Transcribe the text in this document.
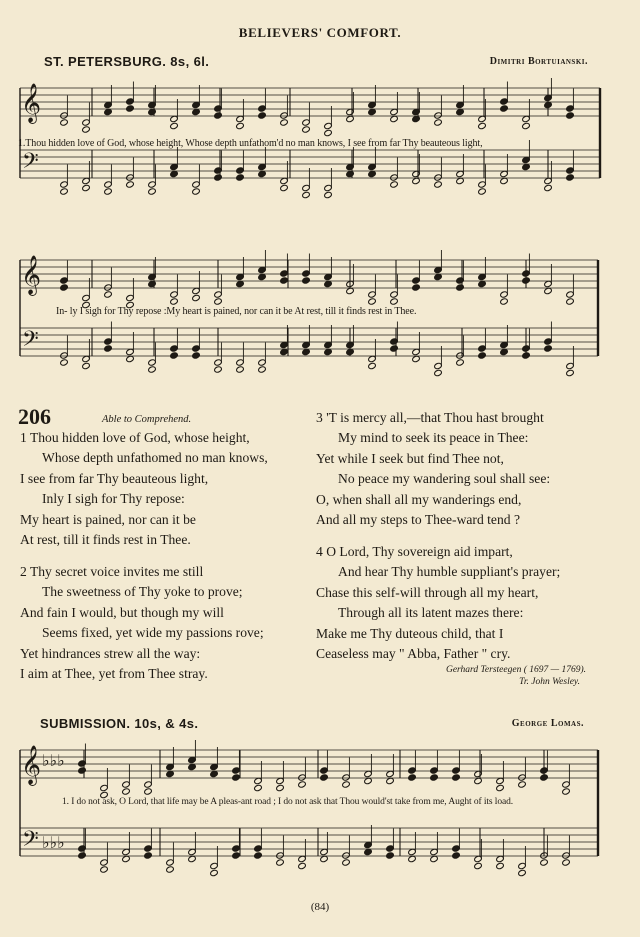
BELIEVERS' COMFORT.
ST. PETERSBURG. 8s, 6l.	Dimitri Bortuianski.
𝄞
𝄢
1.Thou hidden love of God, whose height, Whose depth unfathom'd no man knows, I see from far Thy beauteous light,
𝄞
𝄢
In- ly I sigh for Thy repose :My heart is pained, nor can it be At rest, till it finds rest in Thee.
206	Able to Comprehend.
1 Thou hidden love of God, whose height,
Whose depth unfathomed no man knows,
I see from far Thy beauteous light,
Inly I sigh for Thy repose:
My heart is pained, nor can it be
At rest, till it finds rest in Thee.
2 Thy secret voice invites me still
The sweetness of Thy yoke to prove;
And fain I would, but though my will
Seems fixed, yet wide my passions rove;
Yet hindrances strew all the way:
I aim at Thee, yet from Thee stray.
3 'T is mercy all,—that Thou hast brought
My mind to seek its peace in Thee:
Yet while I seek but find Thee not,
No peace my wandering soul shall see:
O, when shall all my wanderings end,
And all my steps to Thee-ward tend ?
4 O Lord, Thy sovereign aid impart,
And hear Thy humble suppliant's prayer;
Chase this self-will through all my heart,
Through all its latent mazes there:
Make me Thy duteous child, that I
Ceaseless may " Abba, Father " cry.
Gerhard Tersteegen ( 1697 — 1769).
Tr. John Wesley.
SUBMISSION. 10s, & 4s.	George Lomas.
𝄞
𝄢
♭♭♭
♭♭♭
1. I do not ask, O Lord, that life may be A pleas-ant road ; I do not ask that Thou would'st take from me, Aught of its load.
(84)
